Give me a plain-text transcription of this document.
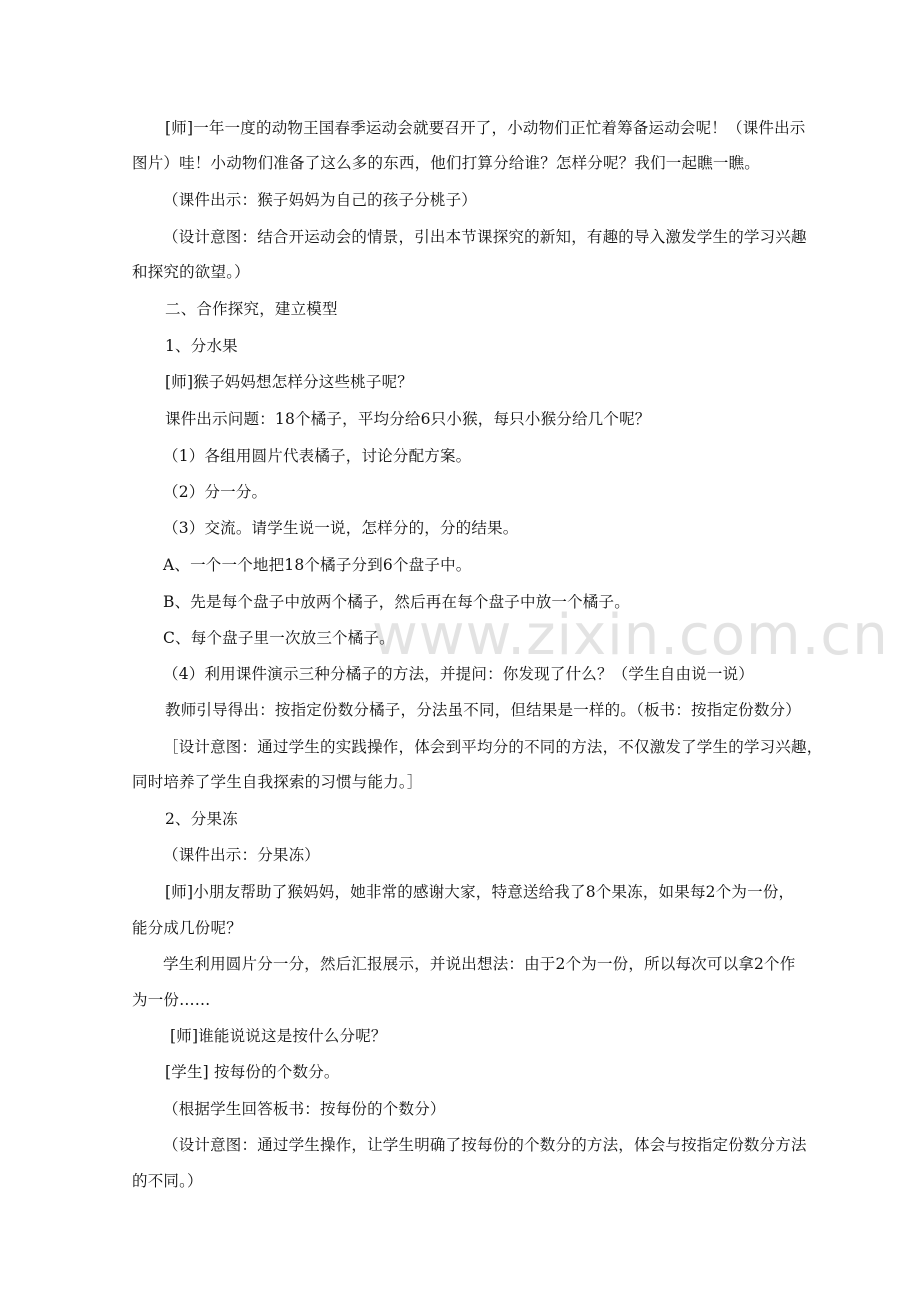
www.zixin.com.cn
[师]一年一度的动物王国春季运动会就要召开了，小动物们正忙着筹备运动会呢！（课件出示
图片）哇！小动物们准备了这么多的东西，他们打算分给谁？怎样分呢？我们一起瞧一瞧。
（课件出示：猴子妈妈为自己的孩子分桃子）
（设计意图：结合开运动会的情景，引出本节课探究的新知，有趣的导入激发学生的学习兴趣
和探究的欲望。）
二、合作探究，建立模型
1、分水果
[师]猴子妈妈想怎样分这些桃子呢？
课件出示问题：18个橘子，平均分给6只小猴，每只小猴分给几个呢？
（1）各组用圆片代表橘子，讨论分配方案。
（2）分一分。
（3）交流。请学生说一说，怎样分的，分的结果。
A、一个一个地把18个橘子分到6个盘子中。
B、先是每个盘子中放两个橘子，然后再在每个盘子中放一个橘子。
C、每个盘子里一次放三个橘子。
（4）利用课件演示三种分橘子的方法，并提问：你发现了什么？（学生自由说一说）
教师引导得出：按指定份数分橘子，分法虽不同，但结果是一样的。（板书：按指定份数分）
［设计意图：通过学生的实践操作，体会到平均分的不同的方法，不仅激发了学生的学习兴趣，
同时培养了学生自我探索的习惯与能力。］
2、分果冻
（课件出示：分果冻）
[师]小朋友帮助了猴妈妈，她非常的感谢大家，特意送给我了8个果冻，如果每2个为一份，
能分成几份呢？
学生利用圆片分一分，然后汇报展示，并说出想法：由于2个为一份，所以每次可以拿2个作
为一份……
[师]谁能说说这是按什么分呢？
[学生] 按每份的个数分。
（根据学生回答板书：按每份的个数分）
（设计意图：通过学生操作，让学生明确了按每份的个数分的方法，体会与按指定份数分方法
的不同。）
